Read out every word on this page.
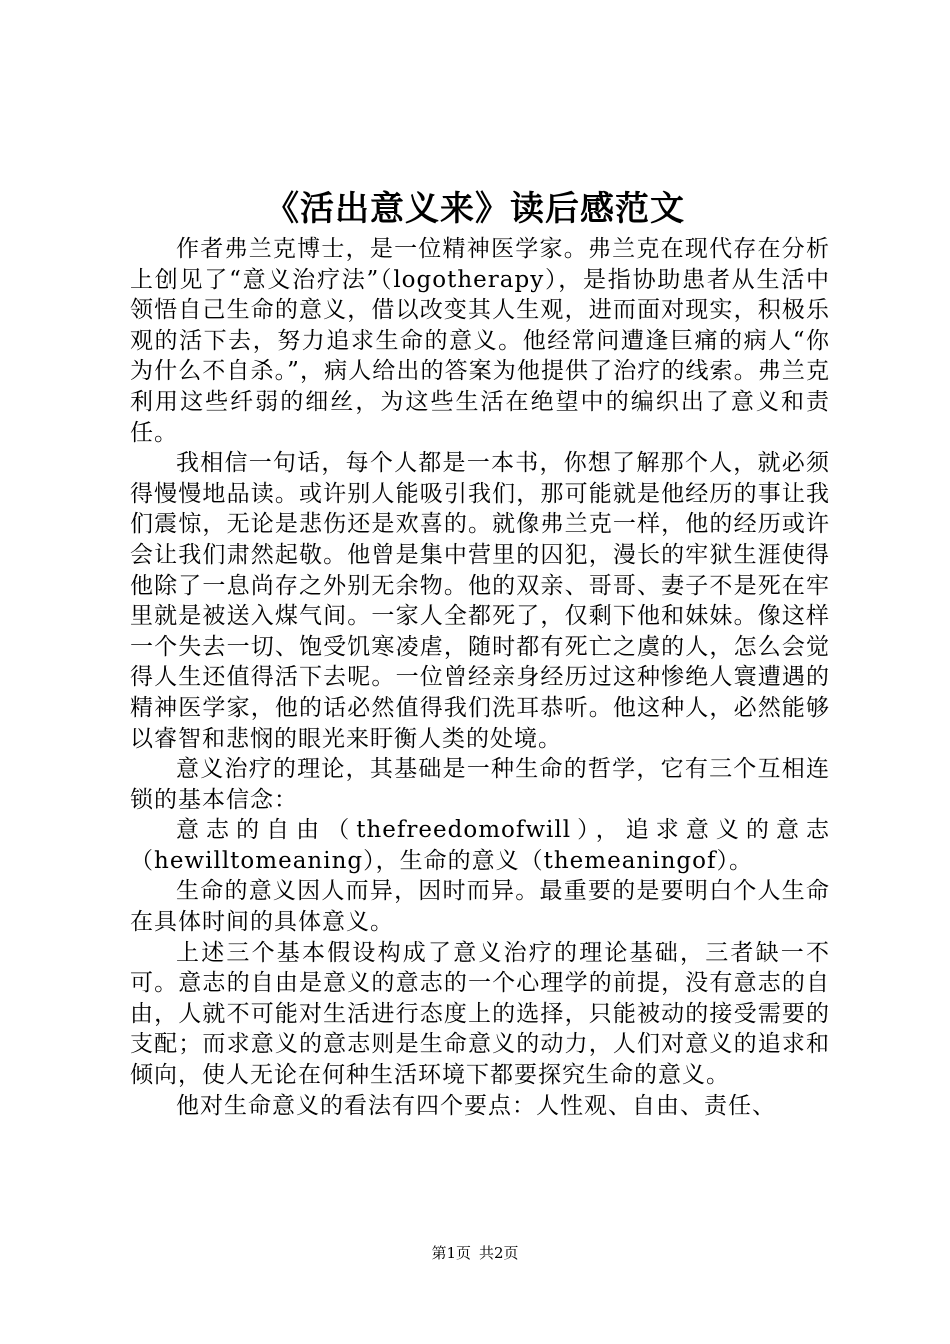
《活出意义来》读后感范文

作者弗兰克博士，是一位精神医学家。弗兰克在现代存在分析上创见了“意义治疗法”（logotherapy），是指协助患者从生活中领悟自己生命的意义，借以改变其人生观，进而面对现实，积极乐观的活下去，努力追求生命的意义。他经常问遭逢巨痛的病人“你为什么不自杀。”，病人给出的答案为他提供了治疗的线索。弗兰克利用这些纤弱的细丝，为这些生活在绝望中的编织出了意义和责任。

我相信一句话，每个人都是一本书，你想了解那个人，就必须得慢慢地品读。或许别人能吸引我们，那可能就是他经历的事让我们震惊，无论是悲伤还是欢喜的。就像弗兰克一样，他的经历或许会让我们肃然起敬。他曾是集中营里的囚犯，漫长的牢狱生涯使得他除了一息尚存之外别无余物。他的双亲、哥哥、妻子不是死在牢里就是被送入煤气间。一家人全都死了，仅剩下他和妹妹。像这样一个失去一切、饱受饥寒凌虐，随时都有死亡之虞的人，怎么会觉得人生还值得活下去呢。一位曾经亲身经历过这种惨绝人寰遭遇的精神医学家，他的话必然值得我们洗耳恭听。他这种人，必然能够以睿智和悲悯的眼光来盱衡人类的处境。

意义治疗的理论，其基础是一种生命的哲学，它有三个互相连锁的基本信念：

意志的自由（thefreedomofwill），追求意义的意志（hewilltomeaning），生命的意义（themeaningof）。

生命的意义因人而异，因时而异。最重要的是要明白个人生命在具体时间的具体意义。

上述三个基本假设构成了意义治疗的理论基础，三者缺一不可。意志的自由是意义的意志的一个心理学的前提，没有意志的自由，人就不可能对生活进行态度上的选择，只能被动的接受需要的支配；而求意义的意志则是生命意义的动力，人们对意义的追求和倾向，使人无论在何种生活环境下都要探究生命的意义。

他对生命意义的看法有四个要点：人性观、自由、责任、

第1页 共2页
